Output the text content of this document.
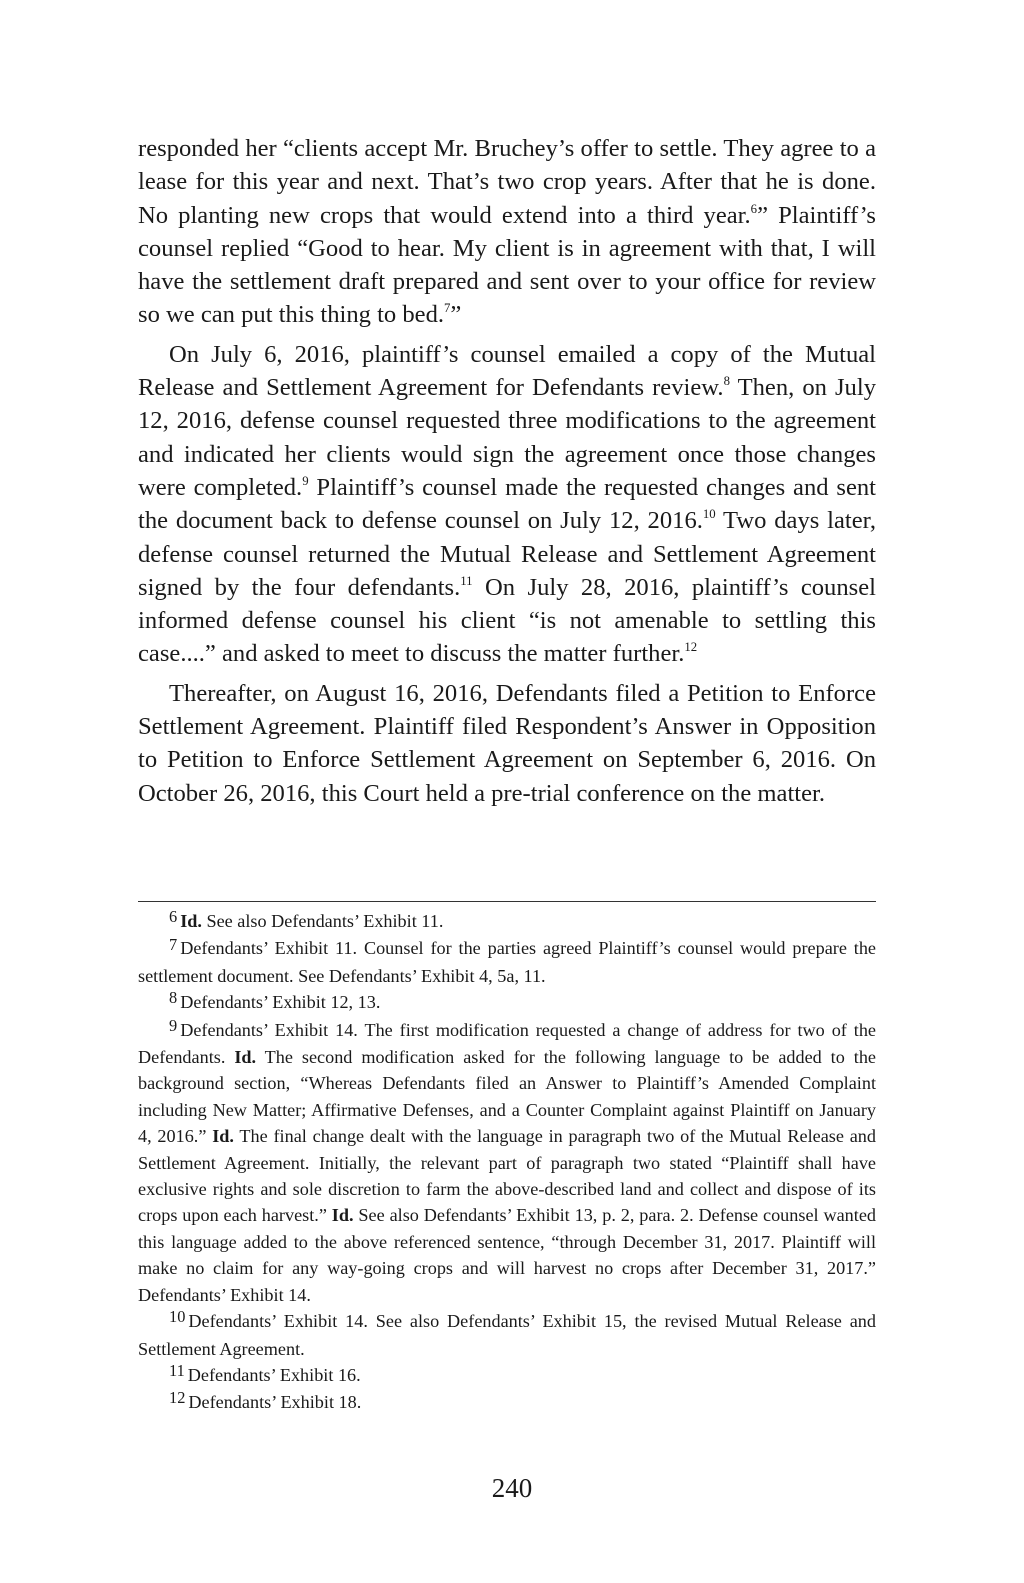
responded her “clients accept Mr. Bruchey’s offer to settle. They agree to a lease for this year and next. That’s two crop years. After that he is done. No planting new crops that would extend into a third year.$^6$” Plaintiff’s counsel replied “Good to hear. My client is in agreement with that, I will have the settlement draft prepared and sent over to your office for review so we can put this thing to bed.$^7$”

On July 6, 2016, plaintiff’s counsel emailed a copy of the Mutual Release and Settlement Agreement for Defendants review.$^8$ Then, on July 12, 2016, defense counsel requested three modifications to the agreement and indicated her clients would sign the agreement once those changes were completed.$^9$ Plaintiff’s counsel made the requested changes and sent the document back to defense counsel on July 12, 2016.10 Two days later, defense counsel returned the Mutual Release and Settlement Agreement signed by the four defendants.$^{11}$ On July 28, 2016, plaintiff’s counsel informed defense counsel his client “is not amenable to settling this case....” and asked to meet to discuss the matter further.$^{12}$

Thereafter, on August 16, 2016, Defendants filed a Petition to Enforce Settlement Agreement. Plaintiff filed Respondent’s Answer in Opposition to Petition to Enforce Settlement Agreement on September 6, 2016. On October 26, 2016, this Court held a pre-trial conference on the matter.

6 Id. See also Defendants’ Exhibit 11.

7 Defendants’ Exhibit 11. Counsel for the parties agreed Plaintiff’s counsel would prepare the settlement document. See Defendants’ Exhibit 4, 5a, 11.

8 Defendants’ Exhibit 12, 13.

9 Defendants’ Exhibit 14. The first modification requested a change of address for two of the Defendants. Id. The second modification asked for the following language to be added to the background section, “Whereas Defendants filed an Answer to Plaintiff’s Amended Complaint including New Matter; Affirmative Defenses, and a Counter Complaint against Plaintiff on January 4, 2016.” Id. The final change dealt with the language in paragraph two of the Mutual Release and Settlement Agreement. Initially, the relevant part of paragraph two stated “Plaintiff shall have exclusive rights and sole discretion to farm the above-described land and collect and dispose of its crops upon each harvest.” Id. See also Defendants’ Exhibit 13, p. 2, para. 2. Defense counsel wanted this language added to the above referenced sentence, “through December 31, 2017. Plaintiff will make no claim for any way-going crops and will harvest no crops after December 31, 2017.” Defendants’ Exhibit 14.

10 Defendants’ Exhibit 14. See also Defendants’ Exhibit 15, the revised Mutual Release and Settlement Agreement.

11 Defendants’ Exhibit 16.

12 Defendants’ Exhibit 18.

240
